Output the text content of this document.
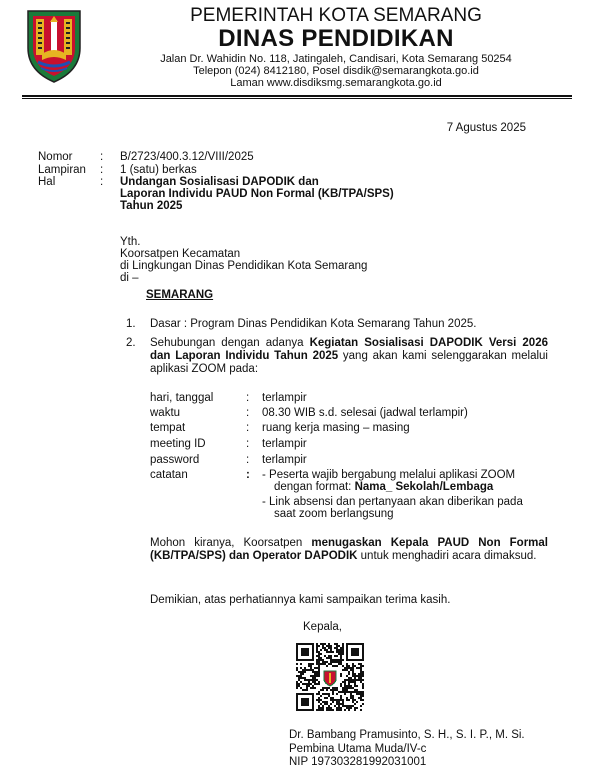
PEMERINTAH KOTA SEMARANG
DINAS PENDIDIKAN
Jalan Dr. Wahidin No. 118, Jatingaleh, Candisari, Kota Semarang 50254
Telepon (024) 8412180, Posel disdik@semarangkota.go.id
Laman www.disdiksmg.semarangkota.go.id
7 Agustus 2025
Nomor : B/2723/400.3.12/VIII/2025
Lampiran : 1 (satu) berkas
Hal	: Undangan Sosialisasi DAPODIK dan
Laporan Individu PAUD Non Formal (KB/TPA/SPS)
Tahun 2025
Yth.
Koorsatpen Kecamatan
di Lingkungan Dinas Pendidikan Kota Semarang
di –
SEMARANG
1. Dasar : Program Dinas Pendidikan Kota Semarang Tahun 2025.
2. Sehubungan dengan adanya Kegiatan Sosialisasi DAPODIK Versi 2026 dan Laporan Individu Tahun 2025 yang akan kami selenggarakan melalui aplikasi ZOOM pada:
hari, tanggal	: terlampir
waktu	: 08.30 WIB s.d. selesai (jadwal terlampir)
tempat	: ruang kerja masing – masing
meeting ID	: terlampir
password	: terlampir
catatan	: - Peserta wajib bergabung melalui aplikasi ZOOM
dengan format: Nama_ Sekolah/Lembaga
- Link absensi dan pertanyaan akan diberikan pada
saat zoom berlangsung
Mohon kiranya, Koorsatpen menugaskan Kepala PAUD Non Formal (KB/TPA/SPS) dan Operator DAPODIK untuk menghadiri acara dimaksud.
Demikian, atas perhatiannya kami sampaikan terima kasih.
Kepala,
Dr. Bambang Pramusinto, S. H., S. I. P., M. Si.
Pembina Utama Muda/IV-c
NIP 197303281992031001
